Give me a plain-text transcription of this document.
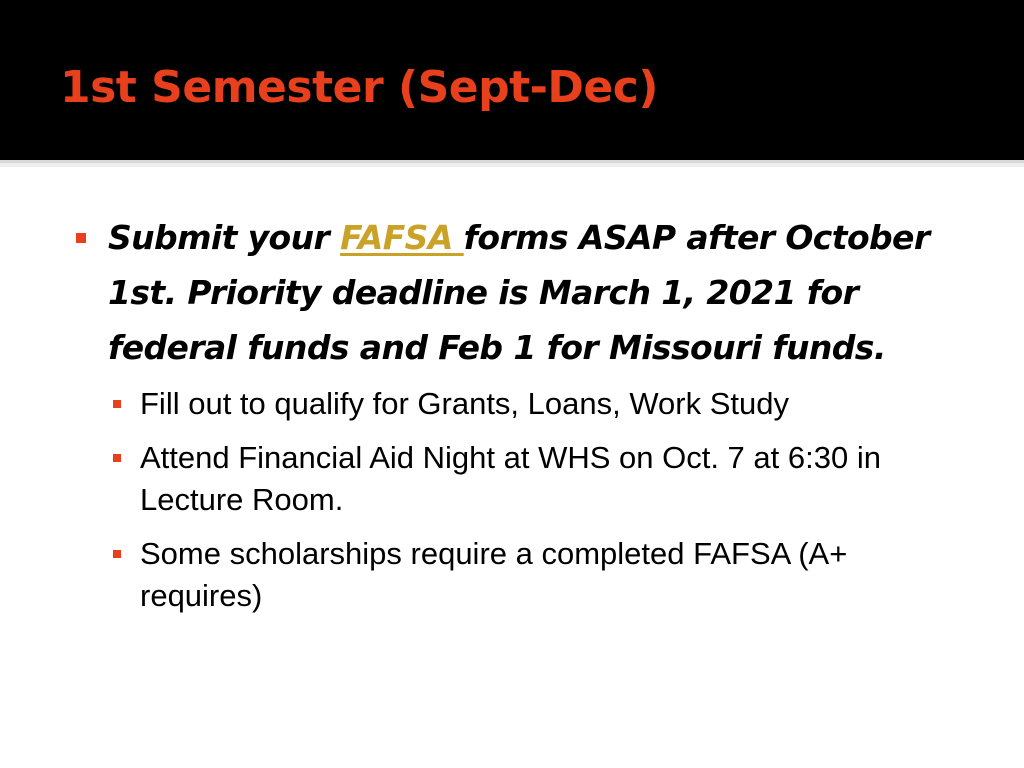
1st Semester (Sept-Dec)
Submit your FAFSA forms ASAP after October 1st. Priority deadline is March 1, 2021 for federal funds and Feb 1 for Missouri funds.
Fill out to qualify for Grants, Loans, Work Study
Attend Financial Aid Night at WHS on Oct. 7 at 6:30 in Lecture Room.
Some scholarships require a completed FAFSA (A+ requires)
